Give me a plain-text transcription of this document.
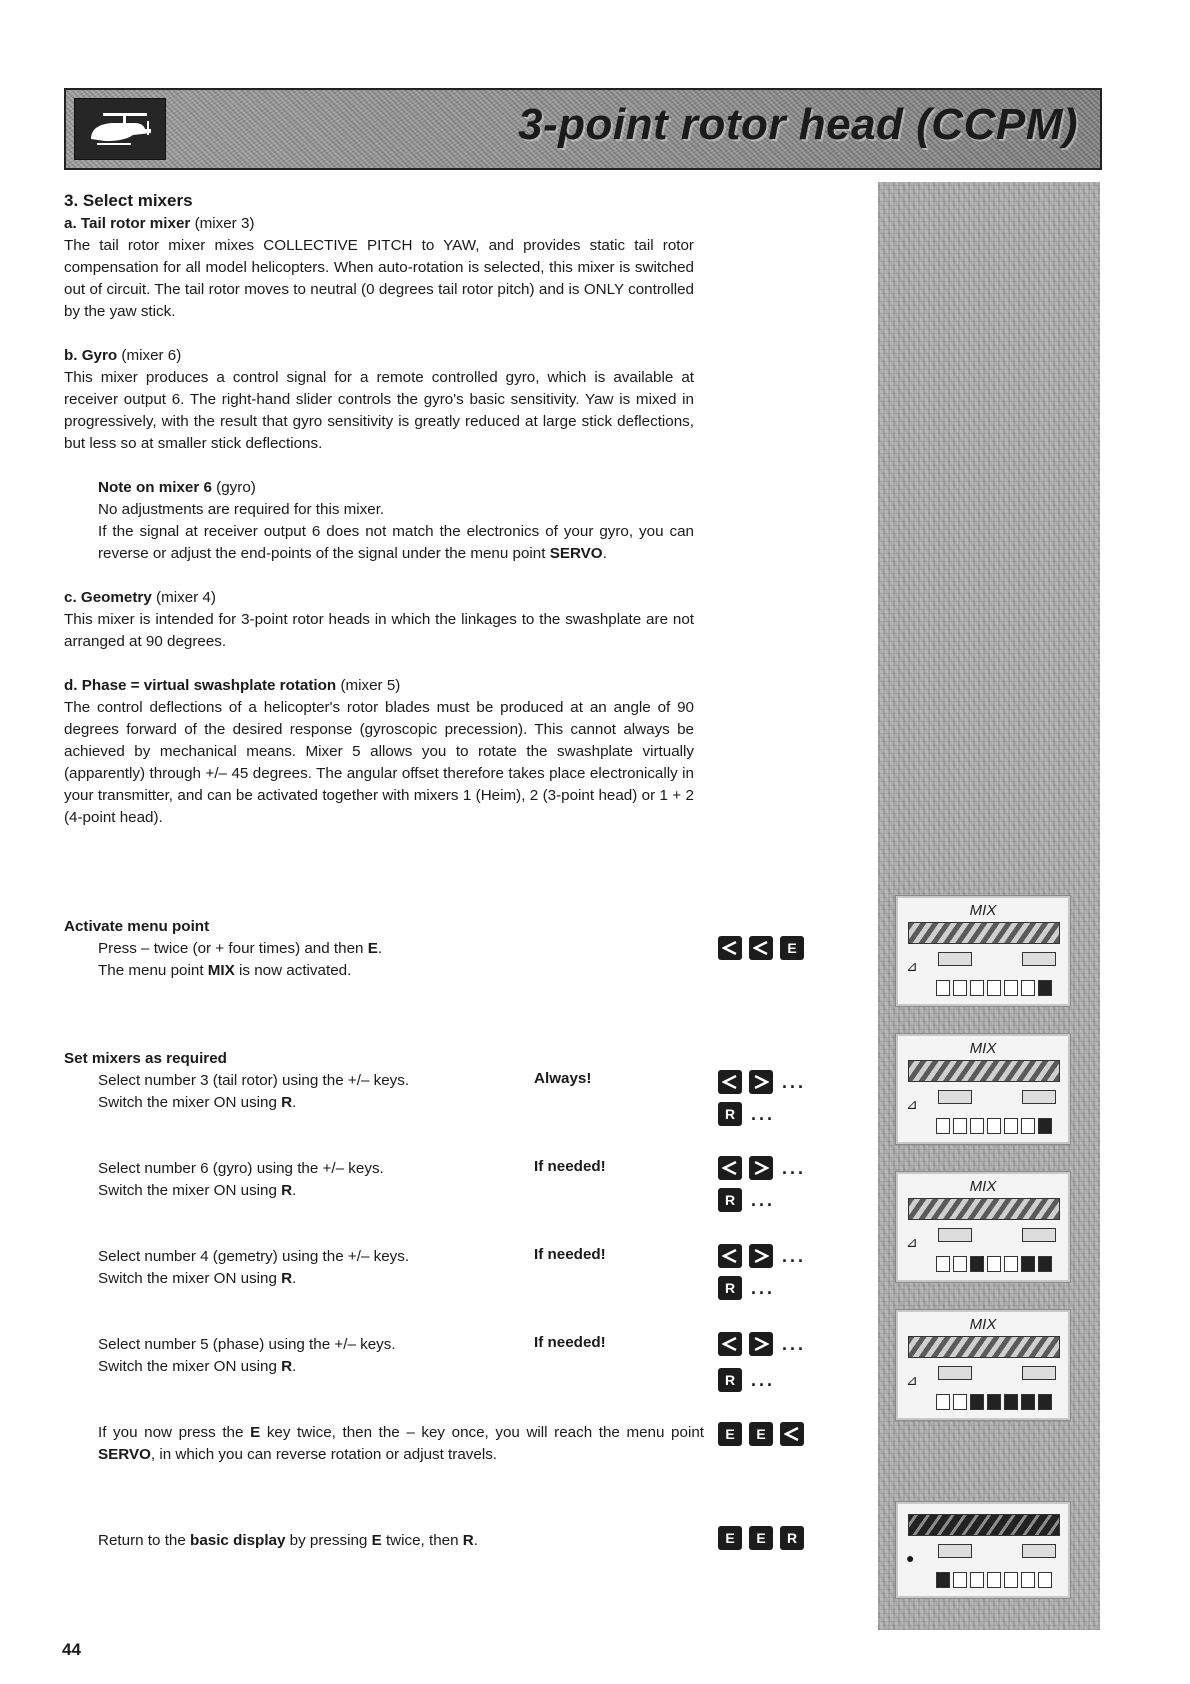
3-point rotor head (CCPM)
3. Select mixers
a. Tail rotor mixer (mixer 3)
The tail rotor mixer mixes COLLECTIVE PITCH to YAW, and provides static tail rotor compensation for all model helicopters. When auto-rotation is selected, this mixer is switched out of circuit. The tail rotor moves to neutral (0 degrees tail rotor pitch) and is ONLY controlled by the yaw stick.
b. Gyro (mixer 6)
This mixer produces a control signal for a remote controlled gyro, which is available at receiver output 6. The right-hand slider controls the gyro's basic sensitivity. Yaw is mixed in progressively, with the result that gyro sensitivity is greatly reduced at large stick deflections, but less so at smaller stick deflections.
Note on mixer 6 (gyro)
No adjustments are required for this mixer.
If the signal at receiver output 6 does not match the electronics of your gyro, you can reverse or adjust the end-points of the signal under the menu point SERVO.
c. Geometry (mixer 4)
This mixer is intended for 3-point rotor heads in which the linkages to the swashplate are not arranged at 90 degrees.
d. Phase = virtual swashplate rotation (mixer 5)
The control deflections of a helicopter's rotor blades must be produced at an angle of 90 degrees forward of the desired response (gyroscopic precession). This cannot always be achieved by mechanical means. Mixer 5 allows you to rotate the swashplate virtually (apparently) through +/– 45 degrees. The angular offset therefore takes place electronically in your transmitter, and can be activated together with mixers 1 (Heim), 2 (3-point head) or 1 + 2 (4-point head).
Activate menu point
Press – twice (or + four times) and then E.
The menu point MIX is now activated.
E
Set mixers as required
Select number 3 (tail rotor) using the +/– keys.
Switch the mixer ON using R.
Always!	...
R ...
Select number 6 (gyro) using the +/– keys.
Switch the mixer ON using R.
If needed!	...
R ...
Select number 4 (gemetry) using the +/– keys.
Switch the mixer ON using R.
If needed!	...
R ...
Select number 5 (phase) using the +/– keys.
Switch the mixer ON using R.
If needed!	...
R ...
If you now press the E key twice, then the – key once, you will reach the menu point SERVO, in which you can reverse rotation or adjust travels.
E	E
Return to the basic display by pressing E twice, then R.	E	E	R
MIX
⊿
MIX
⊿
MIX
⊿
MIX
⊿
●
44
